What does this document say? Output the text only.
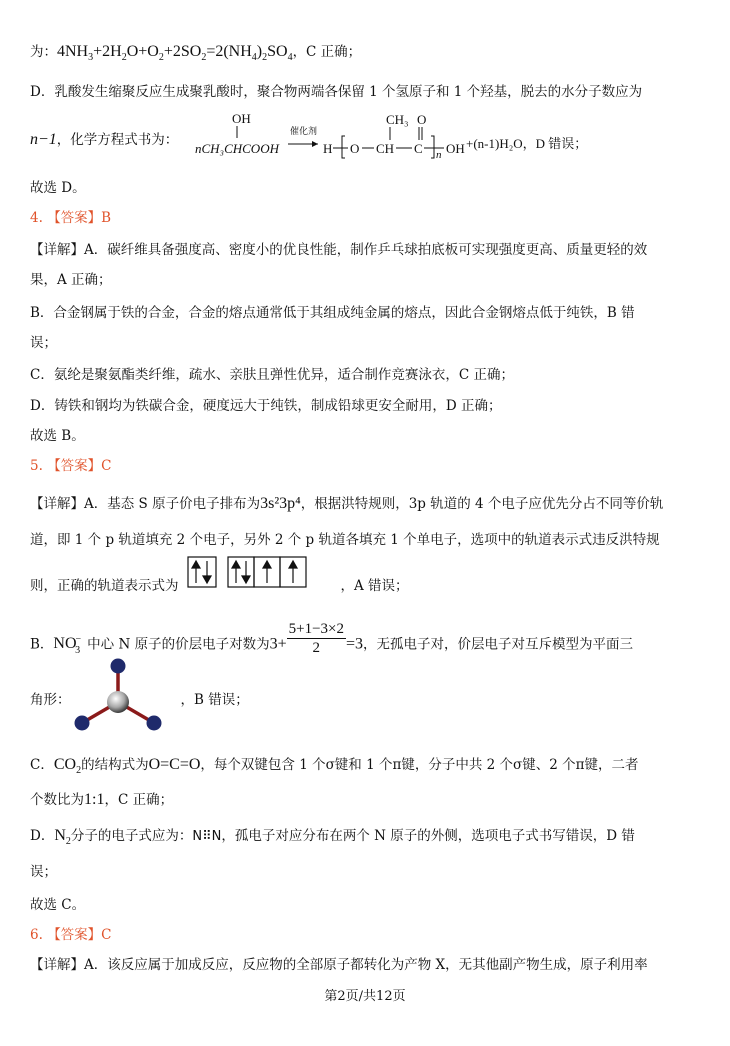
为：$4NH_3+2H_2O+O_2+2SO_2=2(NH_4)_2SO_4$，C 正确；
D．乳酸发生缩聚反应生成聚乳酸时，聚合物两端各保留 1 个氢原子和 1 个羟基，脱去的水分子数应为
n−1，化学方程式书为：
OH
nCH₃CHCOOH
催化剂
H O CH
CH₃
C
O
n OH +(n-1)H₂O，D 错误；
故选 D。
4. 【答案】B
【详解】A．碳纤维具备强度高、密度小的优良性能，制作乒乓球拍底板可实现强度更高、质量更轻的效
果，A 正确；
B．合金钢属于铁的合金，合金的熔点通常低于其组成纯金属的熔点，因此合金钢熔点低于纯铁，B 错
误；
C．氨纶是聚氨酯类纤维，疏水、亲肤且弹性优异，适合制作竞赛泳衣，C 正确；
D．铸铁和钢均为铁碳合金，硬度远大于纯铁，制成铅球更安全耐用，D 正确；
故选 B。
5. 【答案】C
【详解】A．基态 S 原子价电子排布为3s²3p⁴，根据洪特规则，3p 轨道的 4 个电子应优先分占不同等价轨
道，即 1 个 p 轨道填充 2 个电子，另外 2 个 p 轨道各填充 1 个单电子，选项中的轨道表示式违反洪特规
则，正确的轨道表示式为	，A 错误；
B．$NO^-_3$ 中心 N 原子的价层电子对数为$3+ \frac{5+1-3\times 2}{2} =3$，无孤电子对，价层电子对互斥模型为平面三
角形：	，B 错误；
C．$CO_2$的结构式为O=C=O，每个双键包含 1 个σ键和 1 个π键，分子中共 2 个σ键、2 个π键，二者
个数比为1:1，C 正确；
D．$N_2$分子的电子式应为：N⠿N，孤电子对应分布在两个 N 原子的外侧，选项电子式书写错误，D 错
误；
故选 C。
6. 【答案】C
【详解】A．该反应属于加成反应，反应物的全部原子都转化为产物 X，无其他副产物生成，原子利用率
第2页/共12页
